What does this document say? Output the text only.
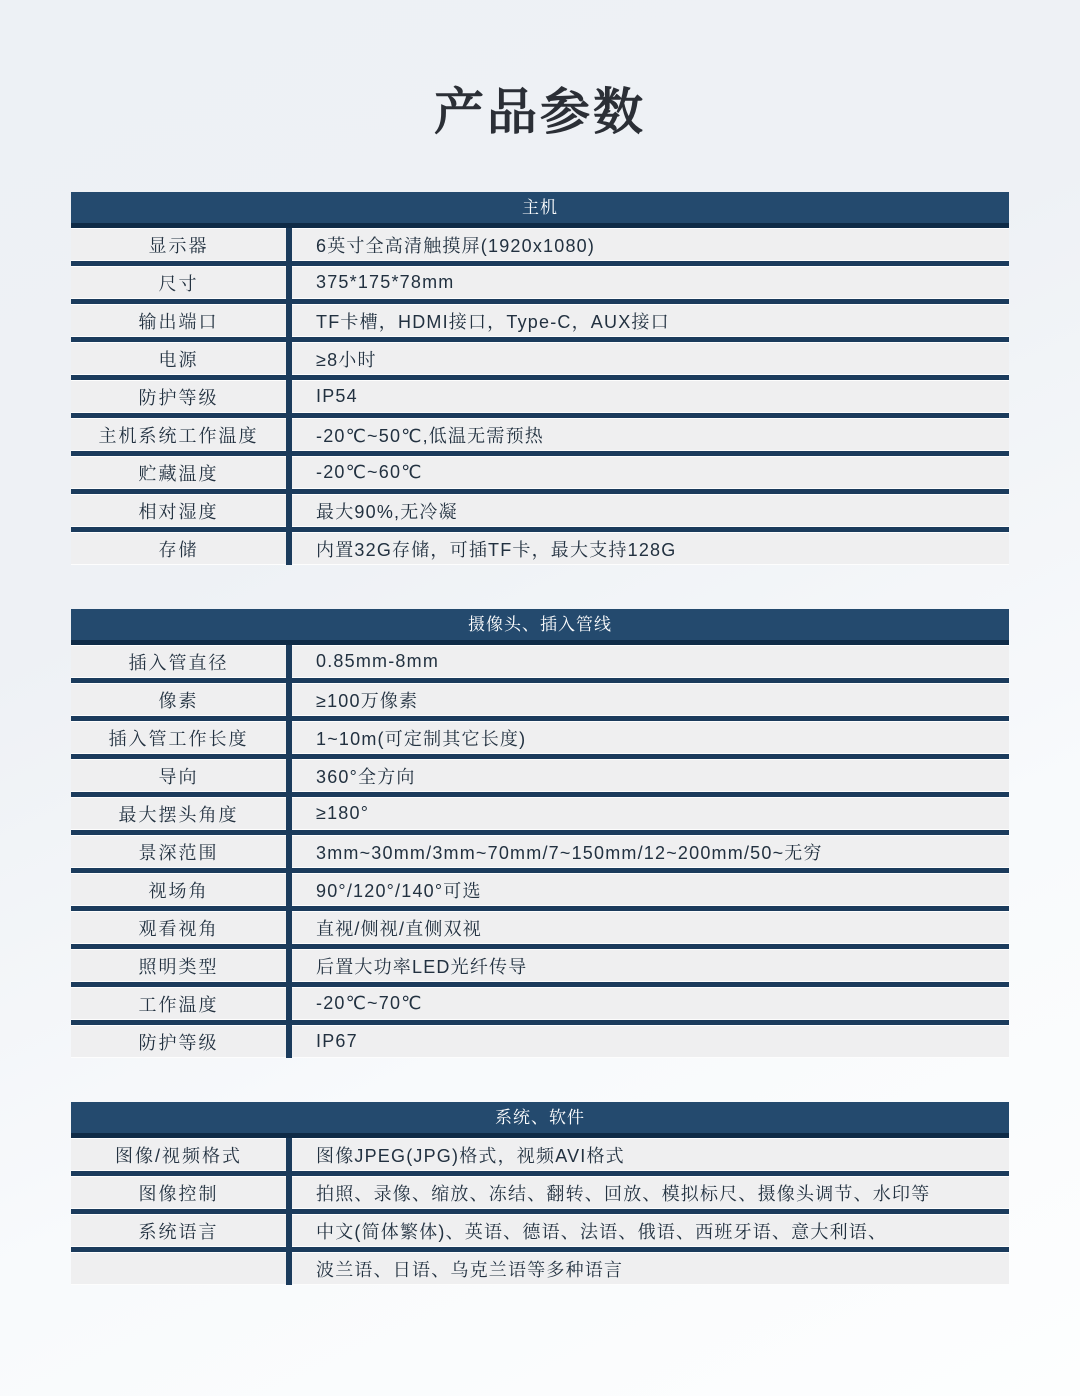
产品参数
主机
显示器	6英寸全高清触摸屏(1920x1080)
尺寸	375*175*78mm
输出端口	TF卡槽，HDMI接口，Type-C，AUX接口
电源	≥8小时
防护等级	IP54
主机系统工作温度	-20℃~50℃,低温无需预热
贮藏温度	-20℃~60℃
相对湿度	最大90%,无冷凝
存储	内置32G存储，可插TF卡，最大支持128G
摄像头、插入管线
插入管直径	0.85mm-8mm
像素	≥100万像素
插入管工作长度	1~10m(可定制其它长度)
导向	360°全方向
最大摆头角度	≥180°
景深范围	3mm~30mm/3mm~70mm/7~150mm/12~200mm/50~无穷
视场角	90°/120°/140°可选
观看视角	直视/侧视/直侧双视
照明类型	后置大功率LED光纤传导
工作温度	-20℃~70℃
防护等级	IP67
系统、软件
图像/视频格式	图像JPEG(JPG)格式，视频AVI格式
图像控制	拍照、录像、缩放、冻结、翻转、回放、模拟标尺、摄像头调节、水印等
系统语言	中文(简体繁体)、英语、德语、法语、俄语、西班牙语、意大利语、
波兰语、日语、乌克兰语等多种语言
